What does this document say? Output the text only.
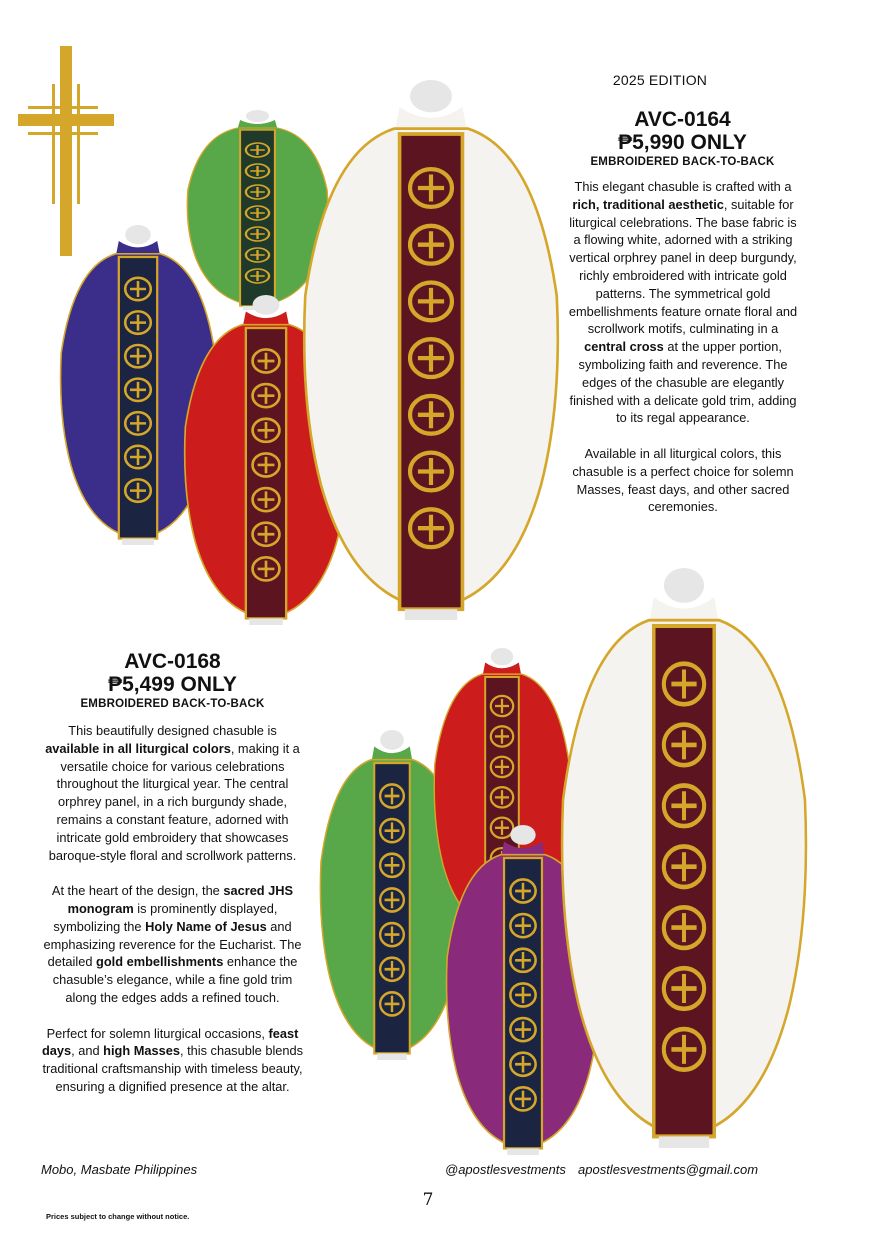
2025 EDITION
AVC-0164
₱5,990 ONLY
EMBROIDERED BACK-TO-BACK

This elegant chasuble is crafted with a rich, traditional aesthetic, suitable for liturgical celebrations. The base fabric is a flowing white, adorned with a striking vertical orphrey panel in deep burgundy, richly embroidered with intricate gold patterns. The symmetrical gold embellishments feature ornate floral and scrollwork motifs, culminating in a central cross at the upper portion, symbolizing faith and reverence. The edges of the chasuble are elegantly finished with a delicate gold trim, adding to its regal appearance.

Available in all liturgical colors, this chasuble is a perfect choice for solemn Masses, feast days, and other sacred ceremonies.

AVC-0168
₱5,499 ONLY
EMBROIDERED BACK-TO-BACK

This beautifully designed chasuble is available in all liturgical colors, making it a versatile choice for various celebrations throughout the liturgical year. The central orphrey panel, in a rich burgundy shade, remains a constant feature, adorned with intricate gold embroidery that showcases baroque-style floral and scrollwork patterns.

At the heart of the design, the sacred JHS monogram is prominently displayed, symbolizing the Holy Name of Jesus and emphasizing reverence for the Eucharist. The detailed gold embellishments enhance the chasuble’s elegance, while a fine gold trim along the edges adds a refined touch.

Perfect for solemn liturgical occasions, feast days, and high Masses, this chasuble blends traditional craftsmanship with timeless beauty, ensuring a dignified presence at the altar.

Mobo, Masbate Philippines	@apostlesvestments apostlesvestments@gmail.com
7
Prices subject to change without notice.
